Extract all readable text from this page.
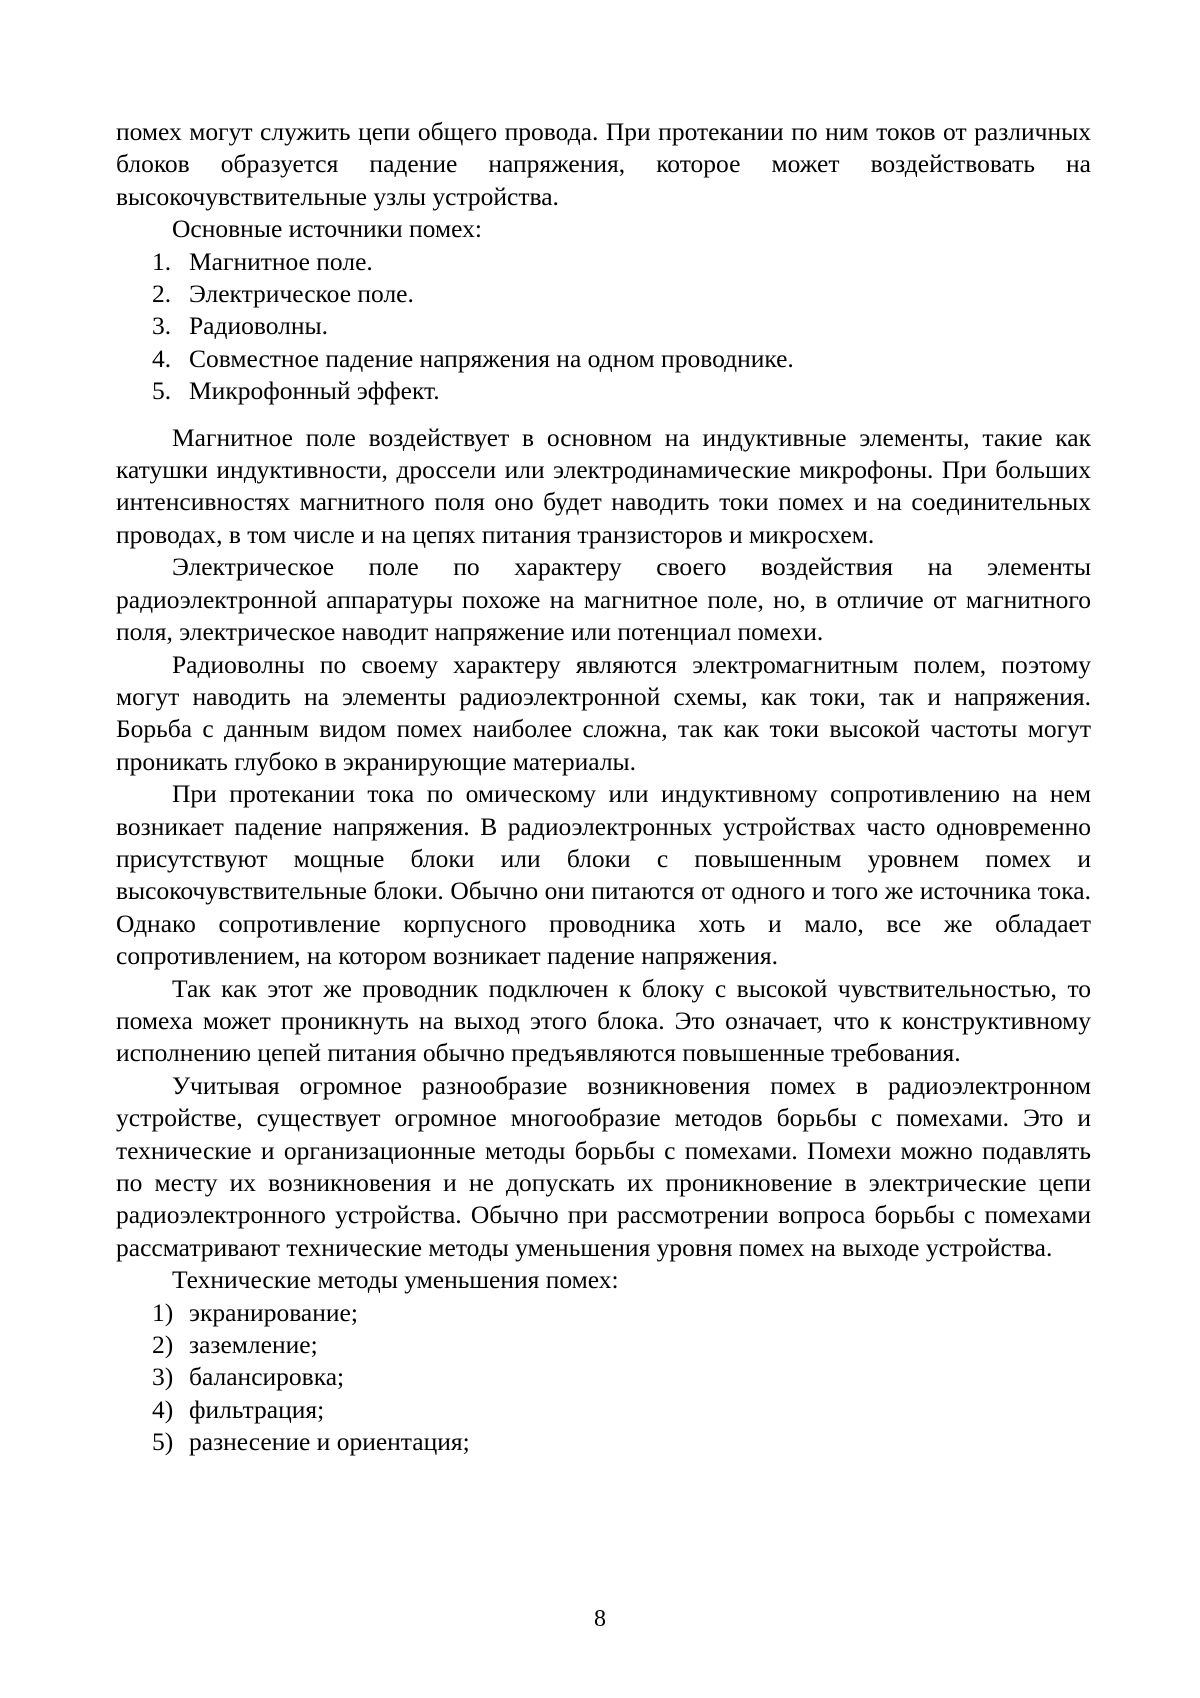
помех могут служить цепи общего провода. При протекании по ним токов от различных блоков образуется падение напряжения, которое может воздействовать на высокочувствительные узлы устройства.

Основные источники помех:

1. Магнитное поле.
2. Электрическое поле.
3. Радиоволны.
4. Совместное падение напряжения на одном проводнике.
5. Микрофонный эффект.

Магнитное поле воздействует в основном на индуктивные элементы, такие как катушки индуктивности, дроссели или электродинамические микрофоны. При больших интенсивностях магнитного поля оно будет наводить токи помех и на соединительных проводах, в том числе и на цепях питания транзисторов и микросхем.

Электрическое поле по характеру своего воздействия на элементы радиоэлектронной аппаратуры похоже на магнитное поле, но, в отличие от магнитного поля, электрическое наводит напряжение или потенциал помехи.

Радиоволны по своему характеру являются электромагнитным полем, поэтому могут наводить на элементы радиоэлектронной схемы, как токи, так и напряжения. Борьба с данным видом помех наиболее сложна, так как токи высокой частоты могут проникать глубоко в экранирующие материалы.

При протекании тока по омическому или индуктивному сопротивлению на нем возникает падение напряжения. В радиоэлектронных устройствах часто одновременно присутствуют мощные блоки или блоки с повышенным уровнем помех и высокочувствительные блоки. Обычно они питаются от одного и того же источника тока. Однако сопротивление корпусного проводника хоть и мало, все же обладает сопротивлением, на котором возникает падение напряжения.

Так как этот же проводник подключен к блоку с высокой чувствительностью, то помеха может проникнуть на выход этого блока. Это означает, что к конструктивному исполнению цепей питания обычно предъявляются повышенные требования.

Учитывая огромное разнообразие возникновения помех в радиоэлектронном устройстве, существует огромное многообразие методов борьбы с помехами. Это и технические и организационные методы борьбы с помехами. Помехи можно подавлять по месту их возникновения и не допускать их проникновение в электрические цепи радиоэлектронного устройства. Обычно при рассмотрении вопроса борьбы с помехами рассматривают технические методы уменьшения уровня помех на выходе устройства.

Технические методы уменьшения помех:

1) экранирование;
2) заземление;
3) балансировка;
4) фильтрация;
5) разнесение и ориентация;
8
